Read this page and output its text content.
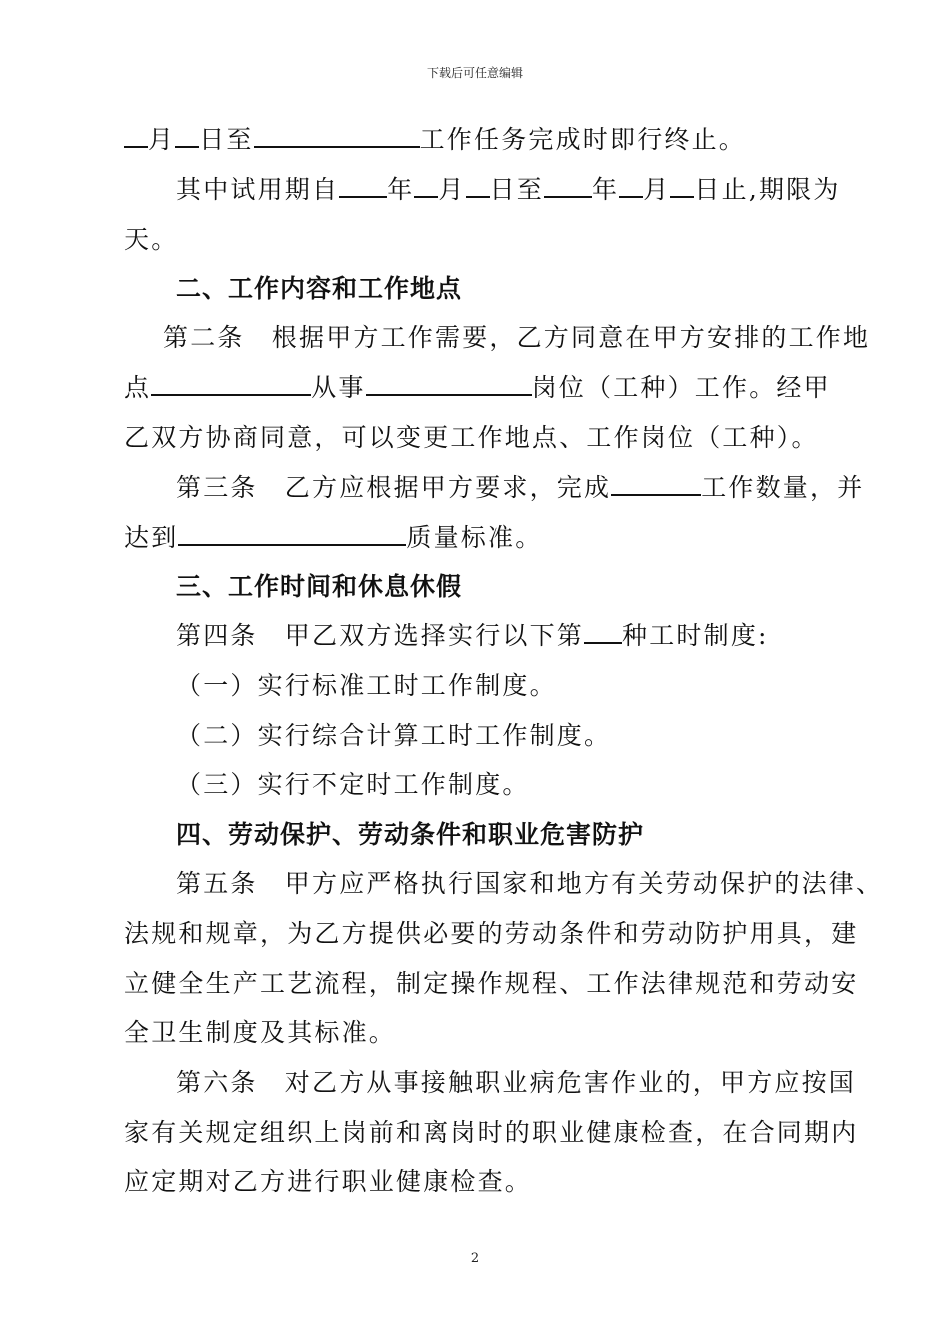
下载后可任意编辑
月 日至	工作任务完成时即行终止。
其中试用期自 年 月 日至 年 月 日止,期限为
天。
二、工作内容和工作地点
第二条　根据甲方工作需要，乙方同意在甲方安排的工作地
点	从事	岗位（工种）工作。经甲
乙双方协商同意，可以变更工作地点、工作岗位（工种）。
第三条　乙方应根据甲方要求，完成	工作数量，并
达到	质量标准。
三、工作时间和休息休假
第四条　甲乙双方选择实行以下第 种工时制度:
（一）实行标准工时工作制度。
（二）实行综合计算工时工作制度。
（三）实行不定时工作制度。
四、劳动保护、劳动条件和职业危害防护
第五条　甲方应严格执行国家和地方有关劳动保护的法律、
法规和规章，为乙方提供必要的劳动条件和劳动防护用具，建
立健全生产工艺流程，制定操作规程、工作法律规范和劳动安
全卫生制度及其标准。
第六条　对乙方从事接触职业病危害作业的，甲方应按国
家有关规定组织上岗前和离岗时的职业健康检查，在合同期内
应定期对乙方进行职业健康检查。
2
